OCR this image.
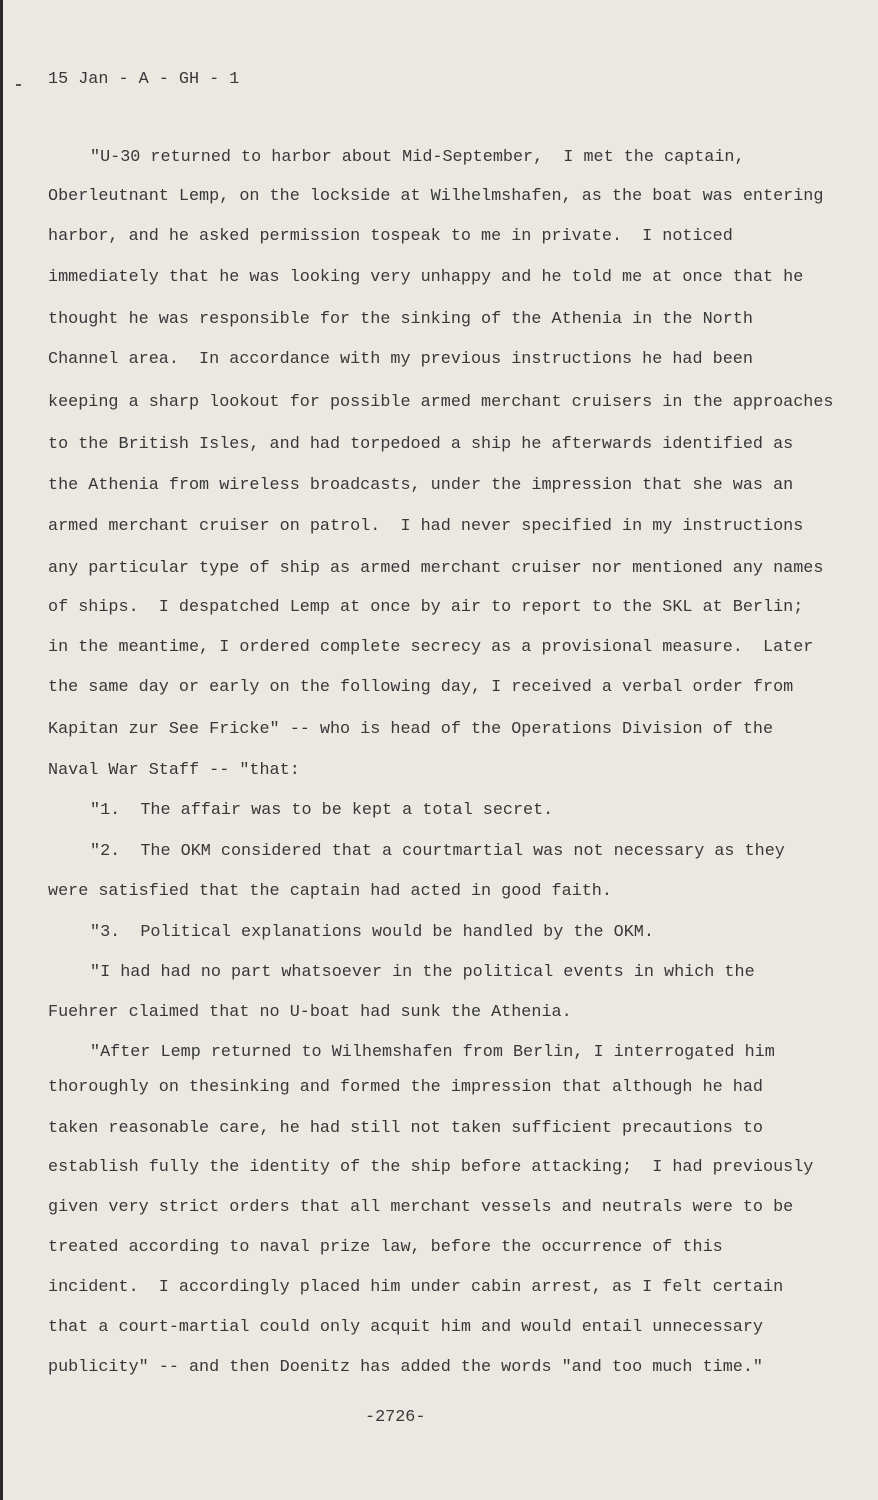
15 Jan - A - GH - 1
"U-30 returned to harbor about Mid-September,  I met the captain,
Oberleutnant Lemp, on the lockside at Wilhelmshafen, as the boat was entering
harbor, and he asked permission tospeak to me in private.  I noticed
immediately that he was looking very unhappy and he told me at once that he
thought he was responsible for the sinking of the Athenia in the North
Channel area.  In accordance with my previous instructions he had been
keeping a sharp lookout for possible armed merchant cruisers in the approaches
to the British Isles, and had torpedoed a ship he afterwards identified as
the Athenia from wireless broadcasts, under the impression that she was an
armed merchant cruiser on patrol.  I had never specified in my instructions
any particular type of ship as armed merchant cruiser nor mentioned any names
of ships.  I despatched Lemp at once by air to report to the SKL at Berlin;
in the meantime, I ordered complete secrecy as a provisional measure.  Later
the same day or early on the following day, I received a verbal order from
Kapitan zur See Fricke" -- who is head of the Operations Division of the
Naval War Staff -- "that:
"1.  The affair was to be kept a total secret.
"2.  The OKM considered that a courtmartial was not necessary as they
were satisfied that the captain had acted in good faith.
"3.  Political explanations would be handled by the OKM.
"I had had no part whatsoever in the political events in which the
Fuehrer claimed that no U-boat had sunk the Athenia.
"After Lemp returned to Wilhemshafen from Berlin, I interrogated him
thoroughly on thesinking and formed the impression that although he had
taken reasonable care, he had still not taken sufficient precautions to
establish fully the identity of the ship before attacking;  I had previously
given very strict orders that all merchant vessels and neutrals were to be
treated according to naval prize law, before the occurrence of this
incident.  I accordingly placed him under cabin arrest, as I felt certain
that a court-martial could only acquit him and would entail unnecessary
publicity" -- and then Doenitz has added the words "and too much time."
-2726-
